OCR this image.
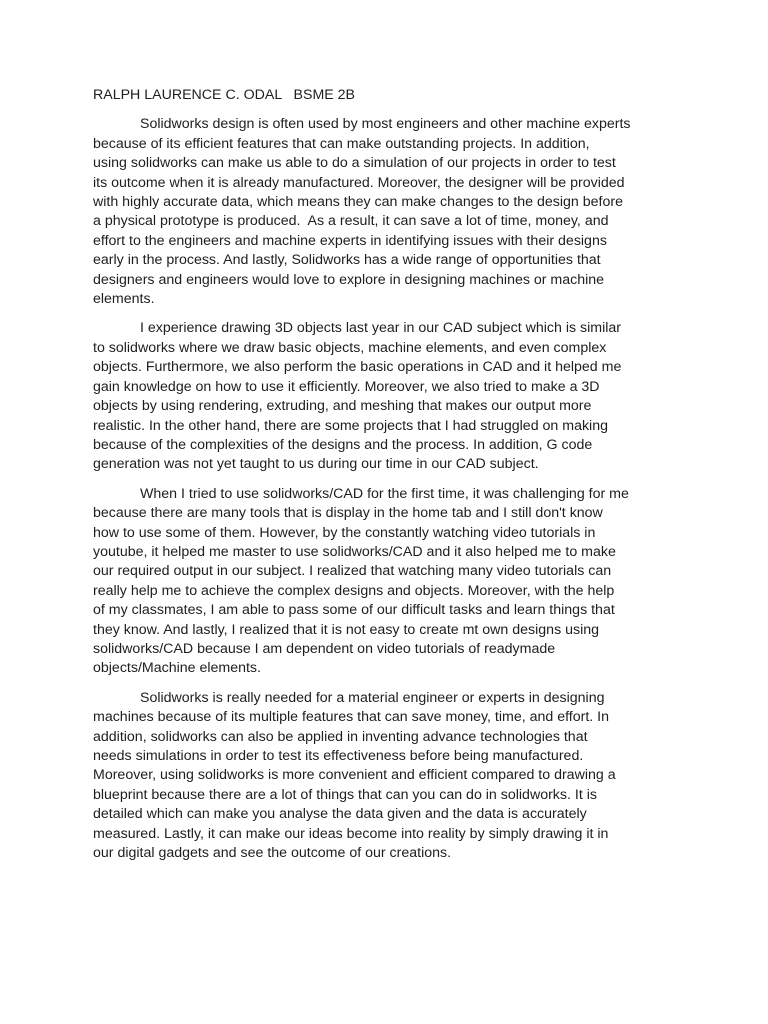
RALPH LAURENCE C. ODAL   BSME 2B
Solidworks design is often used by most engineers and other machine experts
because of its efficient features that can make outstanding projects. In addition,
using solidworks can make us able to do a simulation of our projects in order to test
its outcome when it is already manufactured. Moreover, the designer will be provided
with highly accurate data, which means they can make changes to the design before
a physical prototype is produced.  As a result, it can save a lot of time, money, and
effort to the engineers and machine experts in identifying issues with their designs
early in the process. And lastly, Solidworks has a wide range of opportunities that
designers and engineers would love to explore in designing machines or machine
elements.
I experience drawing 3D objects last year in our CAD subject which is similar
to solidworks where we draw basic objects, machine elements, and even complex
objects. Furthermore, we also perform the basic operations in CAD and it helped me
gain knowledge on how to use it efficiently. Moreover, we also tried to make a 3D
objects by using rendering, extruding, and meshing that makes our output more
realistic. In the other hand, there are some projects that I had struggled on making
because of the complexities of the designs and the process. In addition, G code
generation was not yet taught to us during our time in our CAD subject.
When I tried to use solidworks/CAD for the first time, it was challenging for me
because there are many tools that is display in the home tab and I still don't know
how to use some of them. However, by the constantly watching video tutorials in
youtube, it helped me master to use solidworks/CAD and it also helped me to make
our required output in our subject. I realized that watching many video tutorials can
really help me to achieve the complex designs and objects. Moreover, with the help
of my classmates, I am able to pass some of our difficult tasks and learn things that
they know. And lastly, I realized that it is not easy to create mt own designs using
solidworks/CAD because I am dependent on video tutorials of readymade
objects/Machine elements.
Solidworks is really needed for a material engineer or experts in designing
machines because of its multiple features that can save money, time, and effort. In
addition, solidworks can also be applied in inventing advance technologies that
needs simulations in order to test its effectiveness before being manufactured.
Moreover, using solidworks is more convenient and efficient compared to drawing a
blueprint because there are a lot of things that can you can do in solidworks. It is
detailed which can make you analyse the data given and the data is accurately
measured. Lastly, it can make our ideas become into reality by simply drawing it in
our digital gadgets and see the outcome of our creations.
